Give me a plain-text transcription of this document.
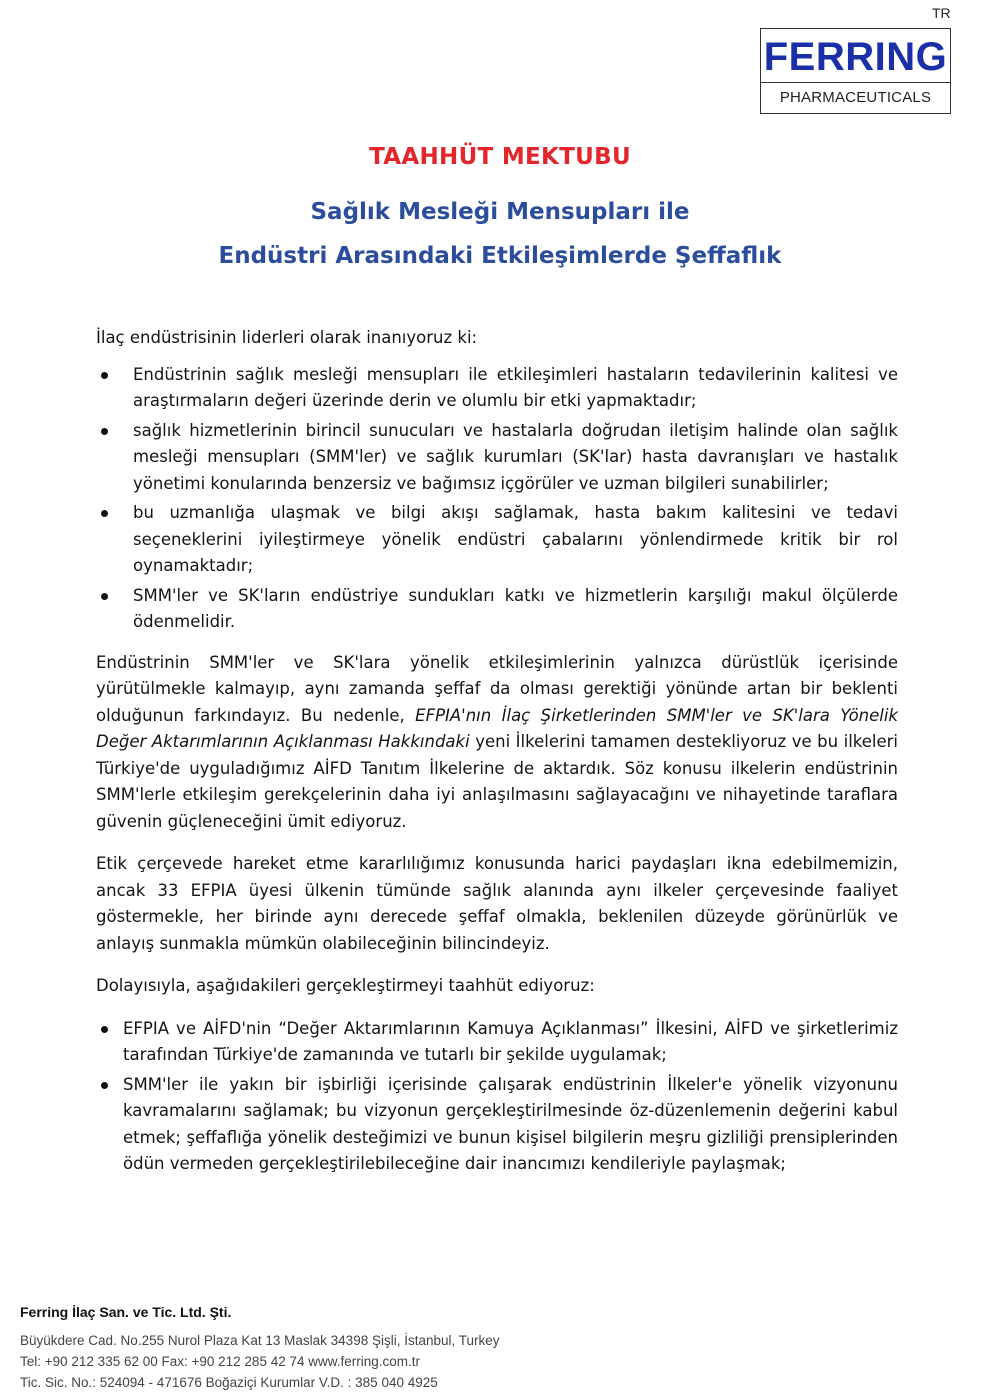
TR
FERRING
PHARMACEUTICALS
TAAHHÜT MEKTUBU
Sağlık Mesleği Mensupları ile
Endüstri Arasındaki Etkileşimlerde Şeffaflık

İlaç endüstrisinin liderleri olarak inanıyoruz ki:

Endüstrinin sağlık mesleği mensupları ile etkileşimleri hastaların tedavilerinin kalitesi ve araştırmaların değeri üzerinde derin ve olumlu bir etki yapmaktadır;
sağlık hizmetlerinin birincil sunucuları ve hastalarla doğrudan iletişim halinde olan sağlık mesleği mensupları (SMM'ler) ve sağlık kurumları (SK'lar) hasta davranışları ve hastalık yönetimi konularında benzersiz ve bağımsız içgörüler ve uzman bilgileri sunabilirler;
bu uzmanlığa ulaşmak ve bilgi akışı sağlamak, hasta bakım kalitesini ve tedavi seçeneklerini iyileştirmeye yönelik endüstri çabalarını yönlendirmede kritik bir rol oynamaktadır;
SMM'ler ve SK'ların endüstriye sundukları katkı ve hizmetlerin karşılığı makul ölçülerde ödenmelidir.

Endüstrinin SMM'ler ve SK'lara yönelik etkileşimlerinin yalnızca dürüstlük içerisinde yürütülmekle kalmayıp, aynı zamanda şeffaf da olması gerektiği yönünde artan bir beklenti olduğunun farkındayız. Bu nedenle, EFPIA'nın İlaç Şirketlerinden SMM'ler ve SK'lara Yönelik Değer Aktarımlarının Açıklanması Hakkındaki yeni İlkelerini tamamen destekliyoruz ve bu ilkeleri Türkiye'de uyguladığımız AİFD Tanıtım İlkelerine de aktardık. Söz konusu ilkelerin endüstrinin SMM'lerle etkileşim gerekçelerinin daha iyi anlaşılmasını sağlayacağını ve nihayetinde taraflara güvenin güçleneceğini ümit ediyoruz.

Etik çerçevede hareket etme kararlılığımız konusunda harici paydaşları ikna edebilmemizin, ancak 33 EFPIA üyesi ülkenin tümünde sağlık alanında aynı ilkeler çerçevesinde faaliyet göstermekle, her birinde aynı derecede şeffaf olmakla, beklenilen düzeyde görünürlük ve anlayış sunmakla mümkün olabileceğinin bilincindeyiz.

Dolayısıyla, aşağıdakileri gerçekleştirmeyi taahhüt ediyoruz:

EFPIA ve AİFD'nin “Değer Aktarımlarının Kamuya Açıklanması” İlkesini, AİFD ve şirketlerimiz tarafından Türkiye'de zamanında ve tutarlı bir şekilde uygulamak;
SMM'ler ile yakın bir işbirliği içerisinde çalışarak endüstrinin İlkeler'e yönelik vizyonunu kavramalarını sağlamak; bu vizyonun gerçekleştirilmesinde öz-düzenlemenin değerini kabul etmek; şeffaflığa yönelik desteğimizi ve bunun kişisel bilgilerin meşru gizliliği prensiplerinden ödün vermeden gerçekleştirilebileceğine dair inancımızı kendileriyle paylaşmak;
Ferring İlaç San. ve Tic. Ltd. Şti.
Büyükdere Cad. No.255 Nurol Plaza Kat 13 Maslak 34398 Şişli, İstanbul, Turkey
Tel: +90 212 335 62 00 Fax: +90 212 285 42 74 www.ferring.com.tr
Tic. Sic. No.: 524094 - 471676 Boğaziçi Kurumlar V.D. : 385 040 4925
